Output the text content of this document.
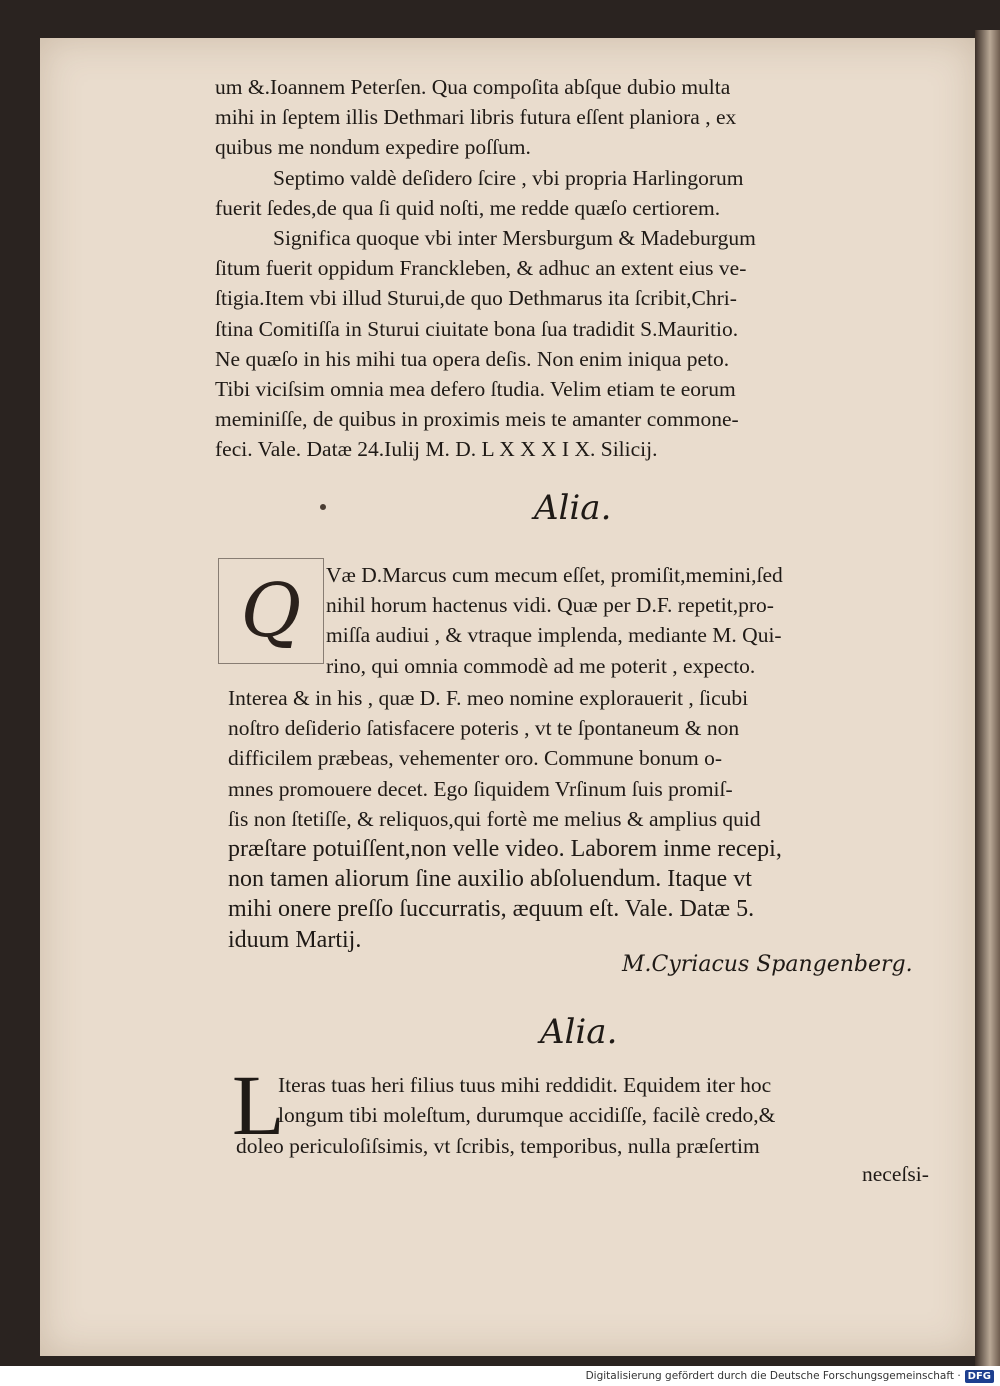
um &.Ioannem Peterſen. Qua compoſita abſque dubio multa
mihi in ſeptem illis Dethmari libris futura eſſent planiora , ex
quibus me nondum expedire poſſum.
Septimo valdè deſidero ſcire , vbi propria Harlingorum
fuerit ſedes,de qua ſi quid noſti, me redde quæſo certiorem.
Significa quoque vbi inter Mersburgum & Madeburgum
ſitum fuerit oppidum Franckleben, & adhuc an extent eius ve-
ſtigia.Item vbi illud Sturui,de quo Dethmarus ita ſcribit,Chri-
ſtina Comitiſſa in Sturui ciuitate bona ſua tradidit S.Mauritio.
Ne quæſo in his mihi tua opera deſis. Non enim iniqua peto.
Tibi viciſsim omnia mea defero ſtudia. Velim etiam te eorum
meminiſſe, de quibus in proximis meis te amanter commone-
feci. Vale. Datæ 24.Iulij M. D. L X X X I X. Silicij.
Alia.
Q Væ D.Marcus cum mecum eſſet, promiſit,memini,ſed
nihil horum hactenus vidi. Quæ per D.F. repetit,pro-
miſſa audiui , & vtraque implenda, mediante M. Qui-
rino, qui omnia commodè ad me poterit , expecto.
Interea & in his , quæ D. F. meo nomine explorauerit , ſicubi
noſtro deſiderio ſatisfacere poteris , vt te ſpontaneum & non
difficilem præbeas, vehementer oro. Commune bonum o-
mnes promouere decet. Ego ſiquidem Vrſinum ſuis promiſ-
ſis non ſtetiſſe, & reliquos,qui fortè me melius & amplius quid
præſtare potuiſſent,non velle video. Laborem inme recepi,
non tamen aliorum ſine auxilio abſoluendum. Itaque vt
mihi onere preſſo ſuccurratis, æquum eſt. Vale. Datæ 5.
iduum Martij.
M.Cyriacus Spangenberg.
Alia.
L
Iteras tuas heri filius tuus mihi reddidit. Equidem iter hoc
longum tibi moleſtum, durumque accidiſſe, facilè credo,&
doleo periculoſiſsimis, vt ſcribis, temporibus, nulla præſertim
neceſsi-
Digitalisierung gefördert durch die Deutsche Forschungsgemeinschaft · DFG
